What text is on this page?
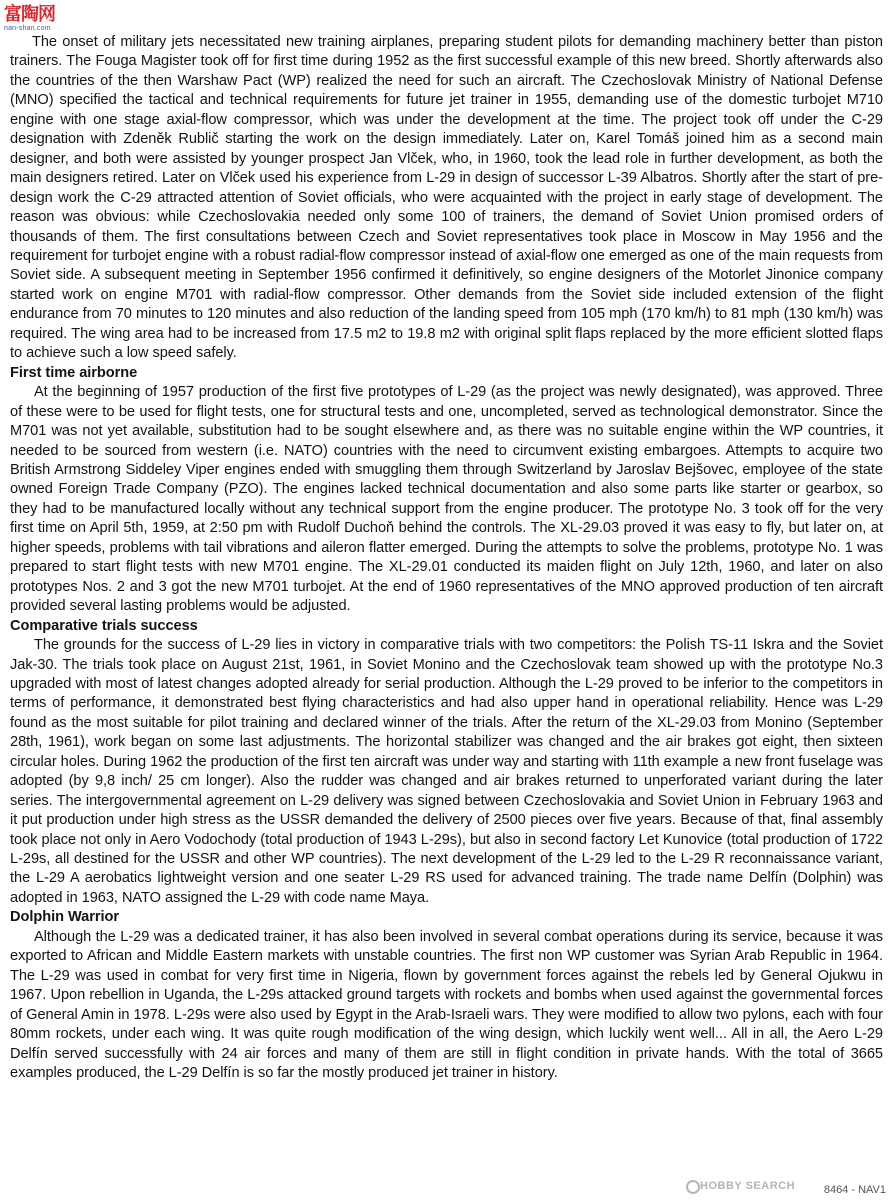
富陶网
nan-shan.com

The onset of military jets necessitated new training airplanes, preparing student pilots for demanding machinery better than piston trainers. The Fouga Magister took off for first time during 1952 as the first successful example of this new breed. Shortly afterwards also the countries of the then Warshaw Pact (WP) realized the need for such an aircraft. The Czechoslovak Ministry of National Defense (MNO) specified the tactical and technical requirements for future jet trainer in 1955, demanding use of the domestic turbojet M710 engine with one stage axial-flow compressor, which was under the development at the time. The project took off under the C-29 designation with Zdeněk Rublič starting the work on the design immediately. Later on, Karel Tomáš joined him as a second main designer, and both were assisted by younger prospect Jan Vlček, who, in 1960, took the lead role in further development, as both the main designers retired. Later on Vlček used his experience from L-29 in design of successor L-39 Albatros. Shortly after the start of pre-design work the C-29 attracted attention of Soviet officials, who were acquainted with the project in early stage of development. The reason was obvious: while Czechoslovakia needed only some 100 of trainers, the demand of Soviet Union promised orders of thousands of them. The first consultations between Czech and Soviet representatives took place in Moscow in May 1956 and the requirement for turbojet engine with a robust radial-flow compressor instead of axial-flow one emerged as one of the main requests from Soviet side. A subsequent meeting in September 1956 confirmed it definitively, so engine designers of the Motorlet Jinonice company started work on engine M701 with radial-flow compressor. Other demands from the Soviet side included extension of the flight endurance from 70 minutes to 120 minutes and also reduction of the landing speed from 105 mph (170 km/h) to 81 mph (130 km/h) was required. The wing area had to be increased from 17.5 m2 to 19.8 m2 with original split flaps replaced by the more efficient slotted flaps to achieve such a low speed safely.

First time airborne

At the beginning of 1957 production of the first five prototypes of L-29 (as the project was newly designated), was approved. Three of these were to be used for flight tests, one for structural tests and one, uncompleted, served as technological demonstrator. Since the M701 was not yet available, substitution had to be sought elsewhere and, as there was no suitable engine within the WP countries, it needed to be sourced from western (i.e. NATO) countries with the need to circumvent existing embargoes. Attempts to acquire two British Armstrong Siddeley Viper engines ended with smuggling them through Switzerland by Jaroslav Bejšovec, employee of the state owned Foreign Trade Company (PZO). The engines lacked technical documentation and also some parts like starter or gearbox, so they had to be manufactured locally without any technical support from the engine producer. The prototype No. 3 took off for the very first time on April 5th, 1959, at 2:50 pm with Rudolf Duchoň behind the controls. The XL-29.03 proved it was easy to fly, but later on, at higher speeds, problems with tail vibrations and aileron flatter emerged. During the attempts to solve the problems, prototype No. 1 was prepared to start flight tests with new M701 engine. The XL-29.01 conducted its maiden flight on July 12th, 1960, and later on also prototypes Nos. 2 and 3 got the new M701 turbojet. At the end of 1960 representatives of the MNO approved production of ten aircraft provided several lasting problems would be adjusted.

Comparative trials success

The grounds for the success of L-29 lies in victory in comparative trials with two competitors: the Polish TS-11 Iskra and the Soviet Jak-30. The trials took place on August 21st, 1961, in Soviet Monino and the Czechoslovak team showed up with the prototype No.3 upgraded with most of latest changes adopted already for serial production. Although the L-29 proved to be inferior to the competitors in terms of performance, it demonstrated best flying characteristics and had also upper hand in operational reliability. Hence was L-29 found as the most suitable for pilot training and declared winner of the trials. After the return of the XL-29.03 from Monino (September 28th, 1961), work began on some last adjustments. The horizontal stabilizer was changed and the air brakes got eight, then sixteen circular holes. During 1962 the production of the first ten aircraft was under way and starting with 11th example a new front fuselage was adopted (by 9,8 inch/ 25 cm longer). Also the rudder was changed and air brakes returned to unperforated variant during the later series. The intergovernmental agreement on L-29 delivery was signed between Czechoslovakia and Soviet Union in February 1963 and it put production under high stress as the USSR demanded the delivery of 2500 pieces over five years. Because of that, final assembly took place not only in Aero Vodochody (total production of 1943 L-29s), but also in second factory Let Kunovice (total production of 1722 L-29s, all destined for the USSR and other WP countries). The next development of the L-29 led to the L-29 R reconnaissance variant, the L-29 A aerobatics lightweight version and one seater L-29 RS used for advanced training. The trade name Delfín (Dolphin) was adopted in 1963, NATO assigned the L-29 with code name Maya.

Dolphin Warrior

Although the L-29 was a dedicated trainer, it has also been involved in several combat operations during its service, because it was exported to African and Middle Eastern markets with unstable countries. The first non WP customer was Syrian Arab Republic in 1964. The L-29 was used in combat for very first time in Nigeria, flown by government forces against the rebels led by General Ojukwu in 1967. Upon rebellion in Uganda, the L-29s attacked ground targets with rockets and bombs when used against the governmental forces of General Amin in 1978. L-29s were also used by Egypt in the Arab-Israeli wars. They were modified to allow two pylons, each with four 80mm rockets, under each wing. It was quite rough modification of the wing design, which luckily went well... All in all, the Aero L-29 Delfín served successfully with 24 air forces and many of them are still in flight condition in private hands. With the total of 3665 examples produced, the L-29 Delfín is so far the mostly produced jet trainer in history.

HOBBY SEARCH	8464 - NAV1
